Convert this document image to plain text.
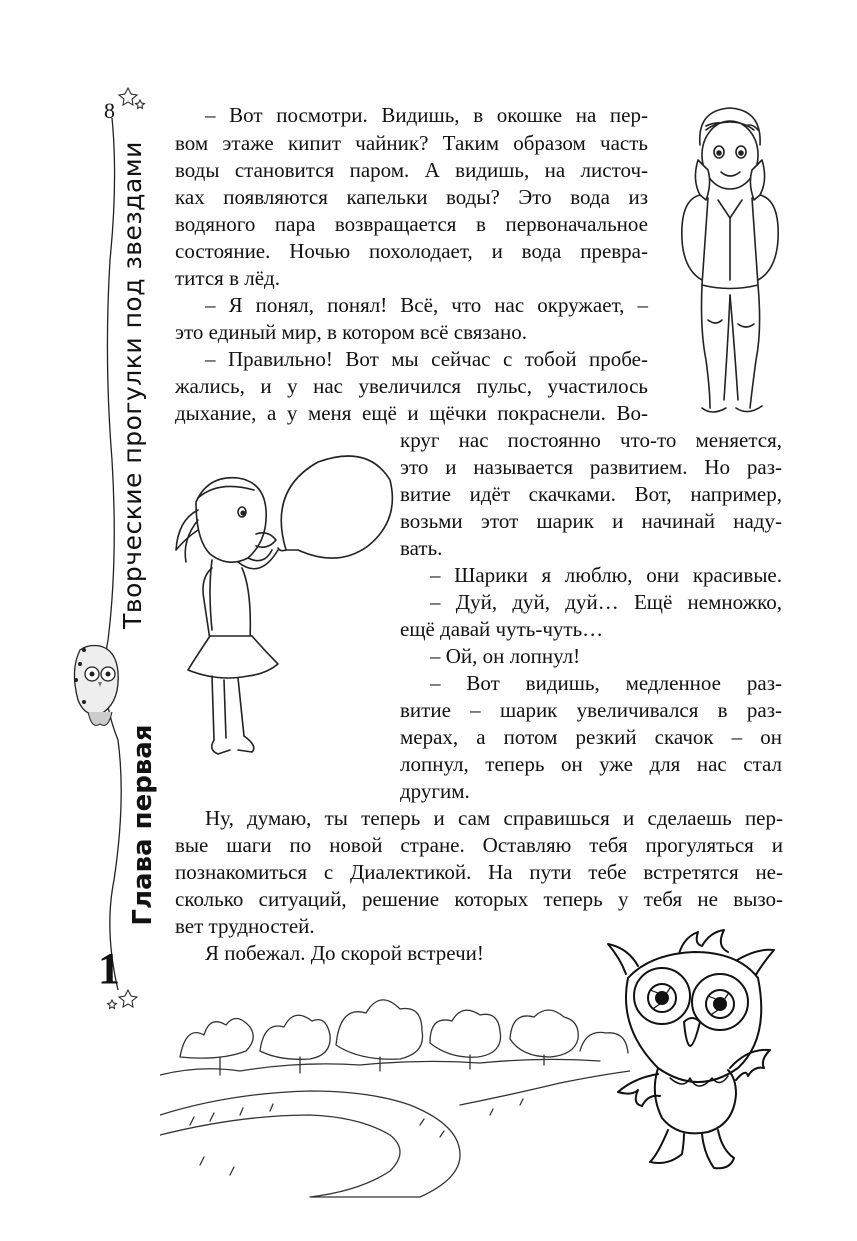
8
Творческие прогулки под звездами
Глава первая
1
– Вот посмотри. Видишь, в окошке на пер-
вом этаже кипит чайник? Таким образом часть
воды становится паром. А видишь, на листоч-
ках появляются капельки воды? Это вода из
водяного пара возвращается в первоначальное
состояние. Ночью похолодает, и вода превра-
тится в лёд.
– Я понял, понял! Всё, что нас окружает, –
это единый мир, в котором всё связано.
– Правильно! Вот мы сейчас с тобой пробе-
жались, и у нас увеличился пульс, участилось
дыхание, а у меня ещё и щёчки покраснели. Во-
круг нас постоянно что-то меняется,
это и называется развитием. Но раз-
витие идёт скачками. Вот, например,
возьми этот шарик и начинай наду-
вать.
– Шарики я люблю, они красивые.
– Дуй, дуй, дуй… Ещё немножко,
ещё давай чуть-чуть…
– Ой, он лопнул!
– Вот видишь, медленное раз-
витие – шарик увеличивался в раз-
мерах, а потом резкий скачок – он
лопнул, теперь он уже для нас стал
другим.
Ну, думаю, ты теперь и сам справишься и сделаешь пер-
вые шаги по новой стране. Оставляю тебя прогуляться и
познакомиться с Диалектикой. На пути тебе встретятся не-
сколько ситуаций, решение которых теперь у тебя не вызо-
вет трудностей.
Я побежал. До скорой встречи!
